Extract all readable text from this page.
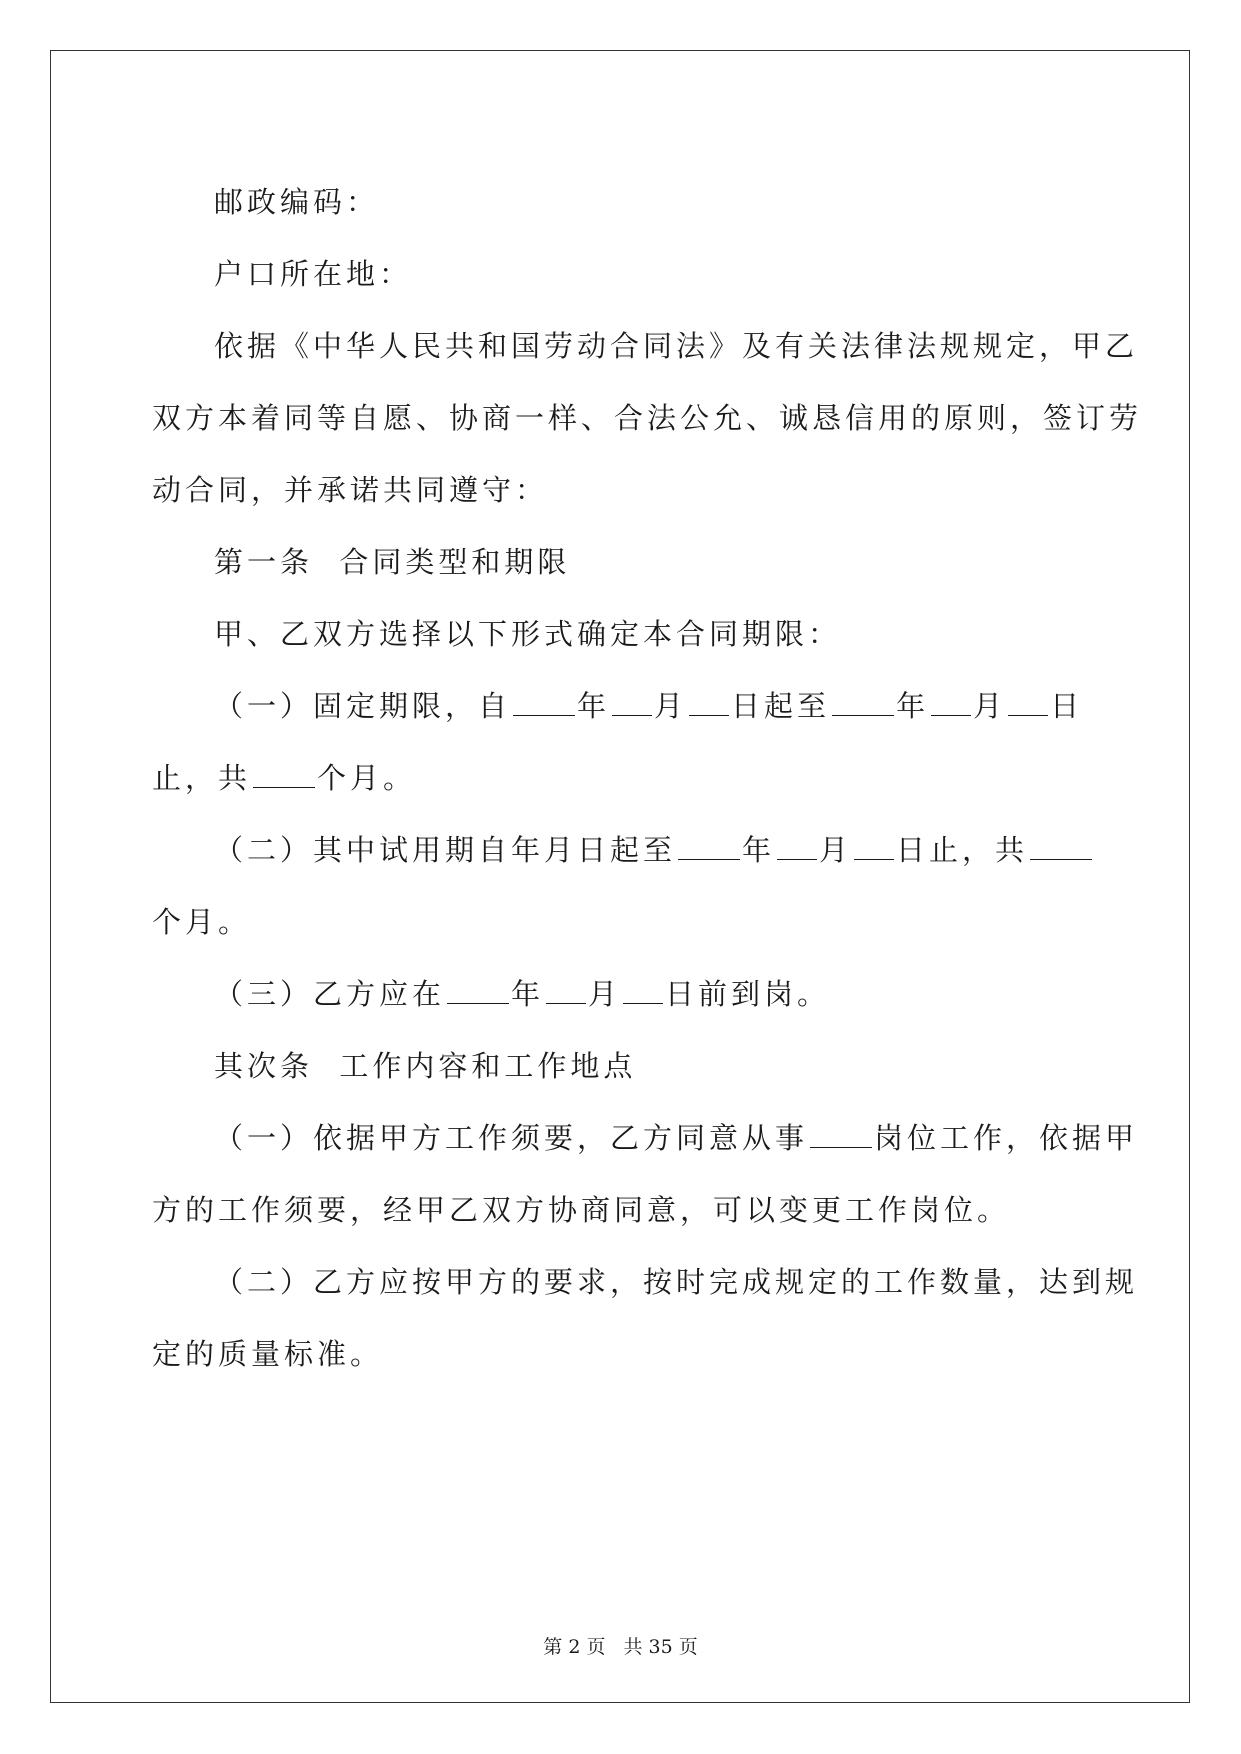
邮政编码：

户口所在地：

依据《中华人民共和国劳动合同法》及有关法律法规规定，甲乙

双方本着同等自愿、协商一样、合法公允、诚恳信用的原则，签订劳

动合同，并承诺共同遵守：

第一条  合同类型和期限

甲、乙双方选择以下形式确定本合同期限：

（一）固定期限，自 年 月 日起至 年 月 日

止，共 个月。

（二）其中试用期自年月日起至 年 月 日止，共

个月。

（三）乙方应在 年 月 日前到岗。

其次条  工作内容和工作地点

（一）依据甲方工作须要，乙方同意从事 岗位工作，依据甲

方的工作须要，经甲乙双方协商同意，可以变更工作岗位。

（二）乙方应按甲方的要求，按时完成规定的工作数量，达到规

定的质量标准。

第 2 页 共 35 页
